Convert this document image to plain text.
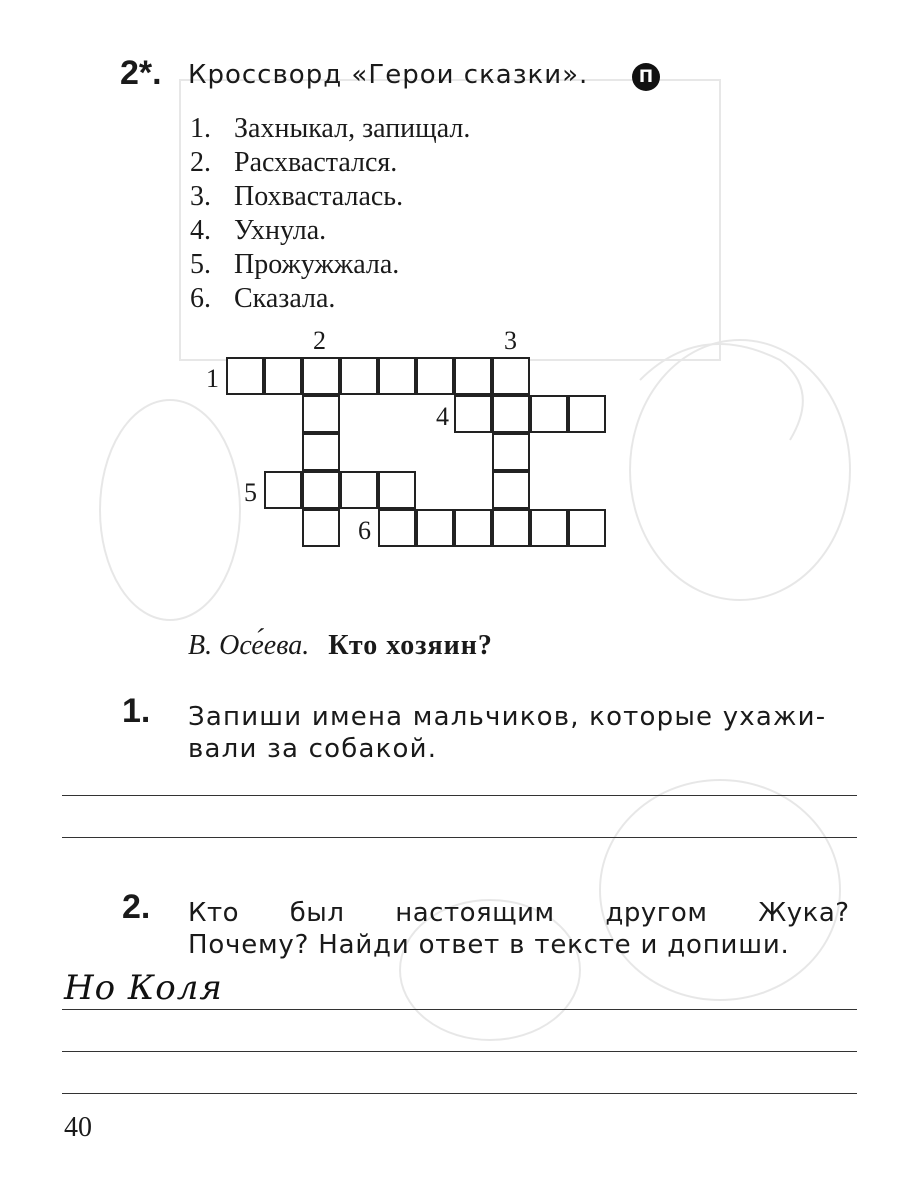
2*. Кроссворд «Герои сказки».	П
1. Захныкал, запищал.
2. Расхвастался.
3. Похвасталась.
4. Ухнула.
5. Прожужжала.
6. Сказала.
1
2	3
4
5
6
В. Осе́ева. Кто хозяин?
1. Запиши имена мальчиков, которые ухажи-
вали за собакой.
2. Кто был настоящим другом Жука?
Почему? Найди ответ в тексте и допиши.
Но Коля
40
